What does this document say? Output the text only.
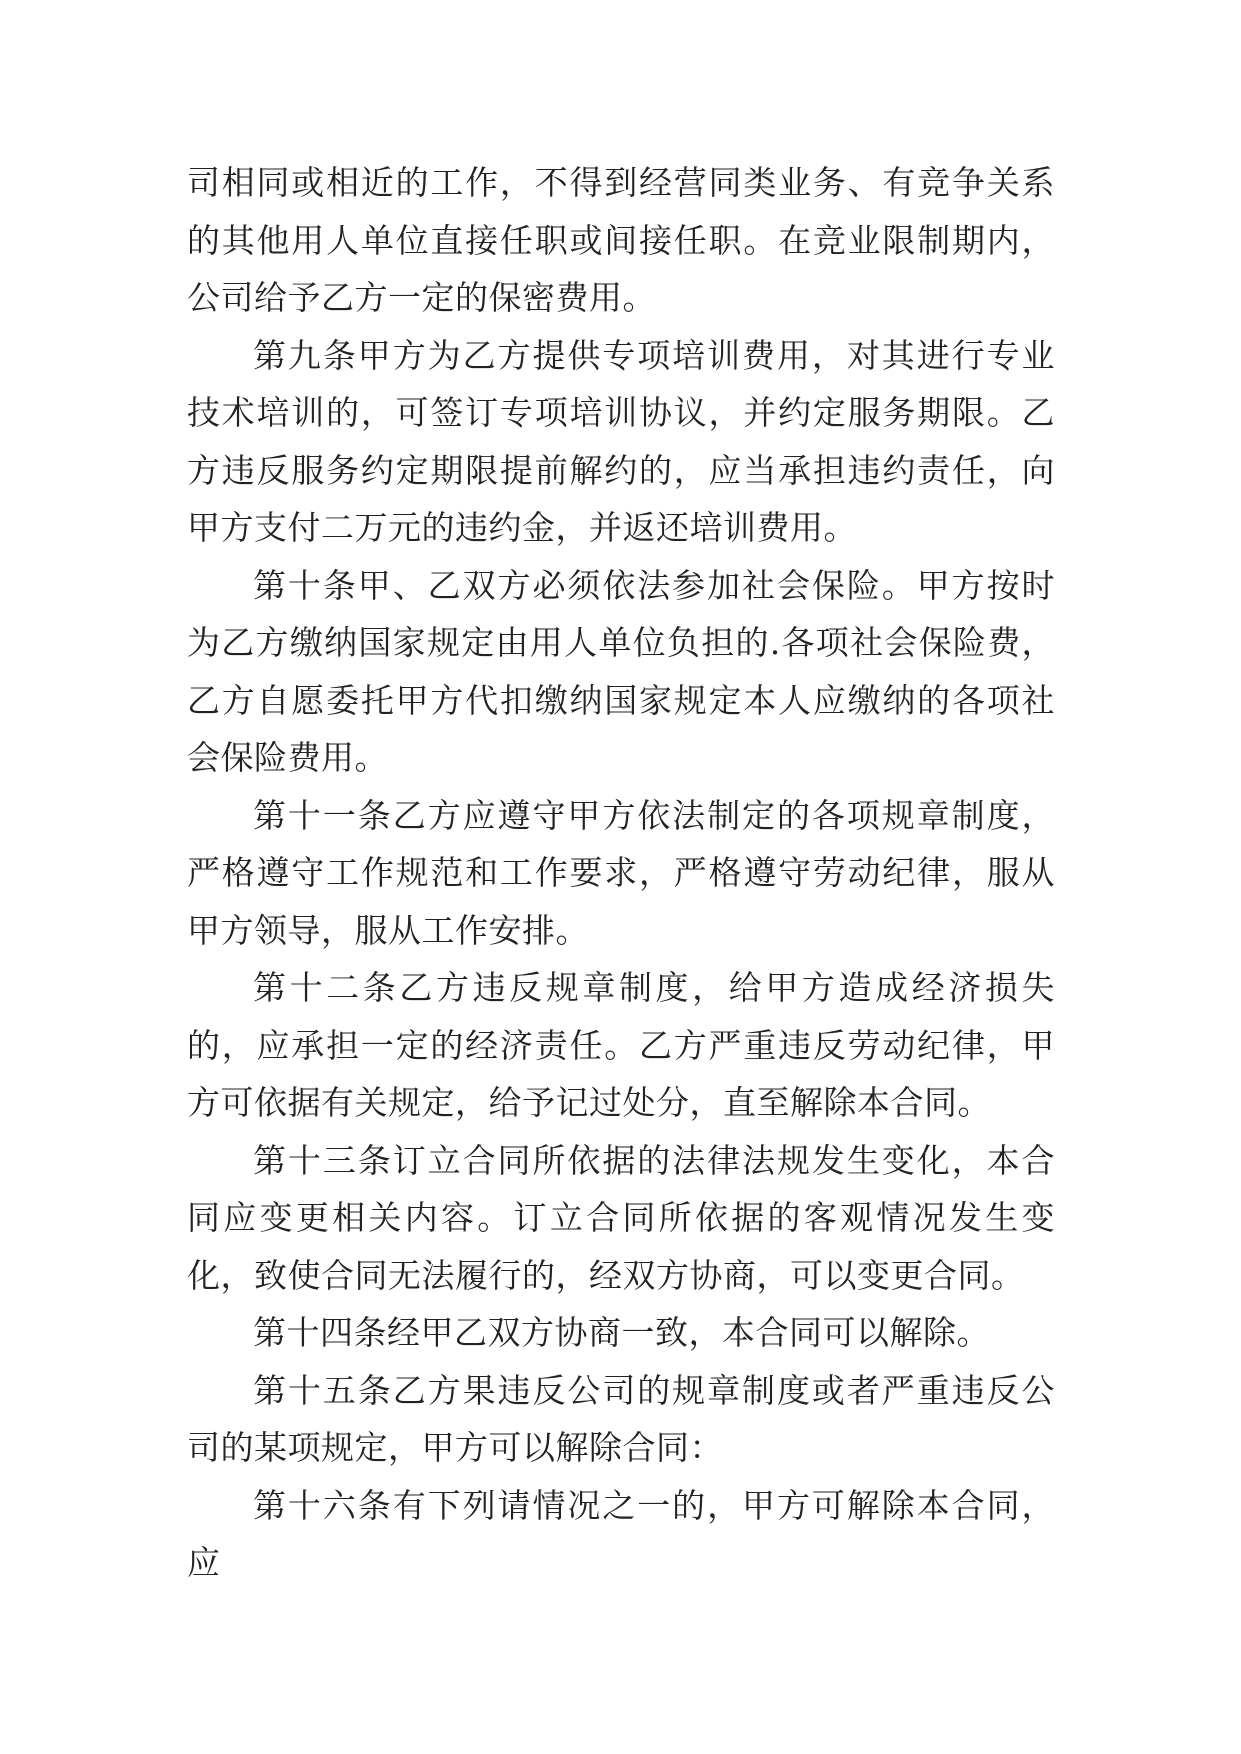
司相同或相近的工作，不得到经营同类业务、有竞争关系的其他用人单位直接任职或间接任职。在竞业限制期内，公司给予乙方一定的保密费用。

第九条甲方为乙方提供专项培训费用，对其进行专业技术培训的，可签订专项培训协议，并约定服务期限。乙方违反服务约定期限提前解约的，应当承担违约责任，向甲方支付二万元的违约金，并返还培训费用。

第十条甲、乙双方必须依法参加社会保险。甲方按时为乙方缴纳国家规定由用人单位负担的.各项社会保险费，乙方自愿委托甲方代扣缴纳国家规定本人应缴纳的各项社会保险费用。

第十一条乙方应遵守甲方依法制定的各项规章制度，严格遵守工作规范和工作要求，严格遵守劳动纪律，服从甲方领导，服从工作安排。

第十二条乙方违反规章制度，给甲方造成经济损失的，应承担一定的经济责任。乙方严重违反劳动纪律，甲方可依据有关规定，给予记过处分，直至解除本合同。

第十三条订立合同所依据的法律法规发生变化，本合同应变更相关内容。订立合同所依据的客观情况发生变化，致使合同无法履行的，经双方协商，可以变更合同。

第十四条经甲乙双方协商一致，本合同可以解除。

第十五条乙方果违反公司的规章制度或者严重违反公司的某项规定，甲方可以解除合同：

第十六条有下列请情况之一的，甲方可解除本合同，应
